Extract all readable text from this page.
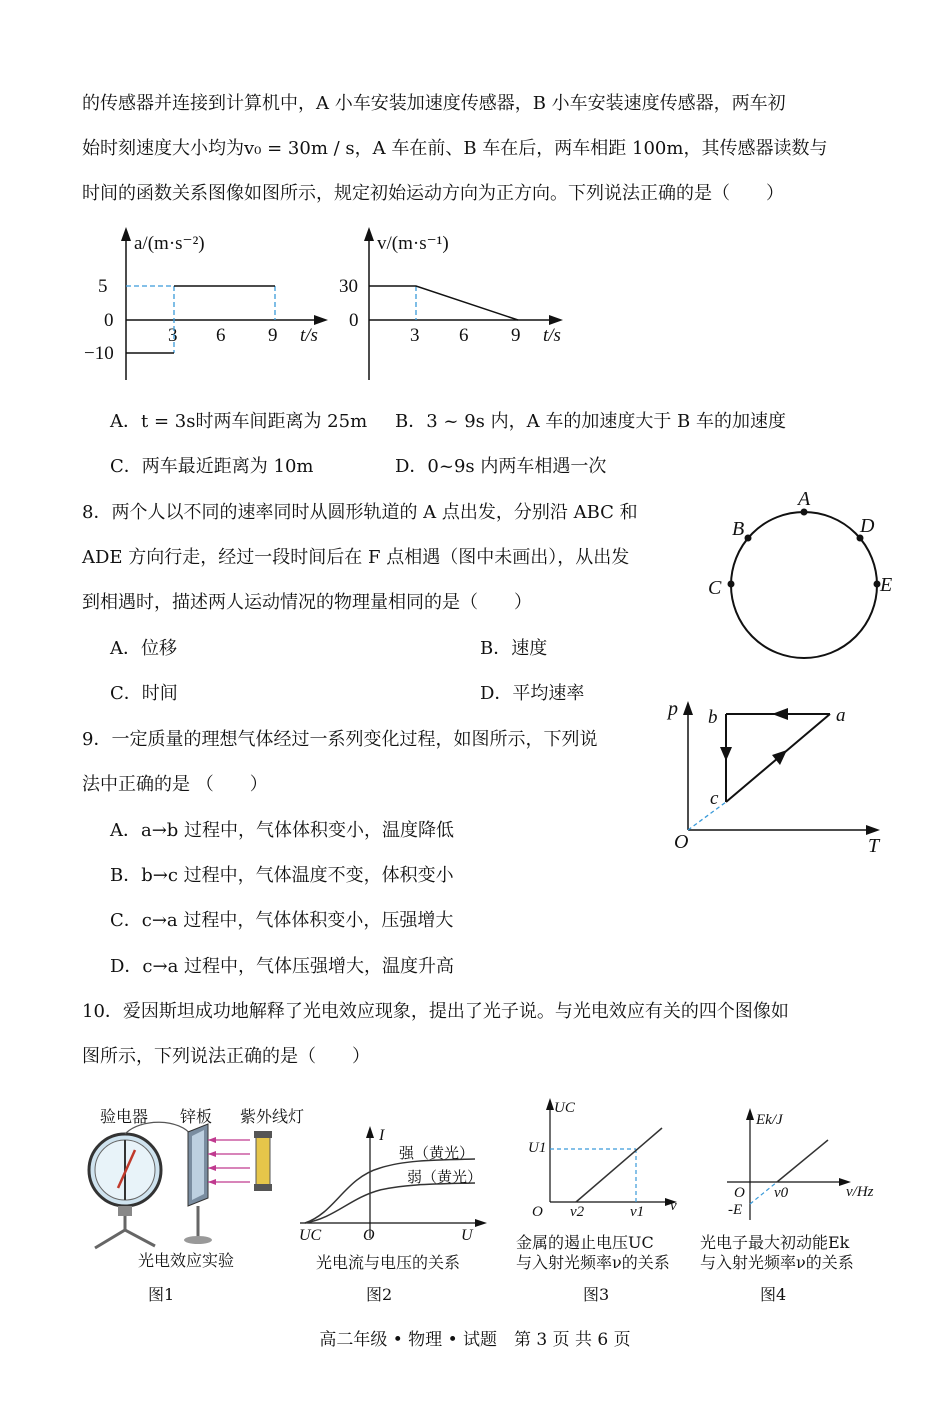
的传感器并连接到计算机中，A 小车安装加速度传感器，B 小车安装速度传感器，两车初
始时刻速度大小均为v₀ = 30m / s，A 车在前、B 车在后，两车相距 100m，其传感器读数与
时间的函数关系图像如图所示，规定初始运动方向为正方向。下列说法正确的是（　　）
a/(m·s⁻²)
5
0
−10
3 6 9 t/s
v/(m·s⁻¹)
30
0
3 6 9 t/s
A．t = 3s时两车间距离为 25m B．3 ~ 9s 内，A 车的加速度大于 B 车的加速度
C．两车最近距离为 10m	D．0~9s 内两车相遇一次
8．两个人以不同的速率同时从圆形轨道的 A 点出发，分别沿 ABC 和
ADE 方向行走，经过一段时间后在 F 点相遇（图中未画出），从出发
到相遇时，描述两人运动情况的物理量相同的是（　　）
A
B
C
D
E
A．位移	B．速度
C．时间	D．平均速率
9．一定质量的理想气体经过一系列变化过程，如图所示，下列说
法中正确的是 （　　）
p
T
O
a
b
c
A．a→b 过程中，气体体积变小，温度降低
B．b→c 过程中，气体温度不变，体积变小
C．c→a 过程中，气体体积变小，压强增大
D．c→a 过程中，气体压强增大，温度升高
10．爱因斯坦成功地解释了光电效应现象，提出了光子说。与光电效应有关的四个图像如
图所示，下列说法正确的是（　　）
验电器 锌板 紫外线灯
光电效应实验
图1
I
U
O
UC
强（黄光）
弱（黄光）
光电流与电压的关系
图2
UC
U1
O ν2	ν1 ν
金属的遏止电压UC
与入射光频率ν的关系
图3
Ek/J
O
-E
ν0	ν/Hz
光电子最大初动能Ek
与入射光频率ν的关系
图4
高二年级 • 物理 • 试题　第 3 页 共 6 页
